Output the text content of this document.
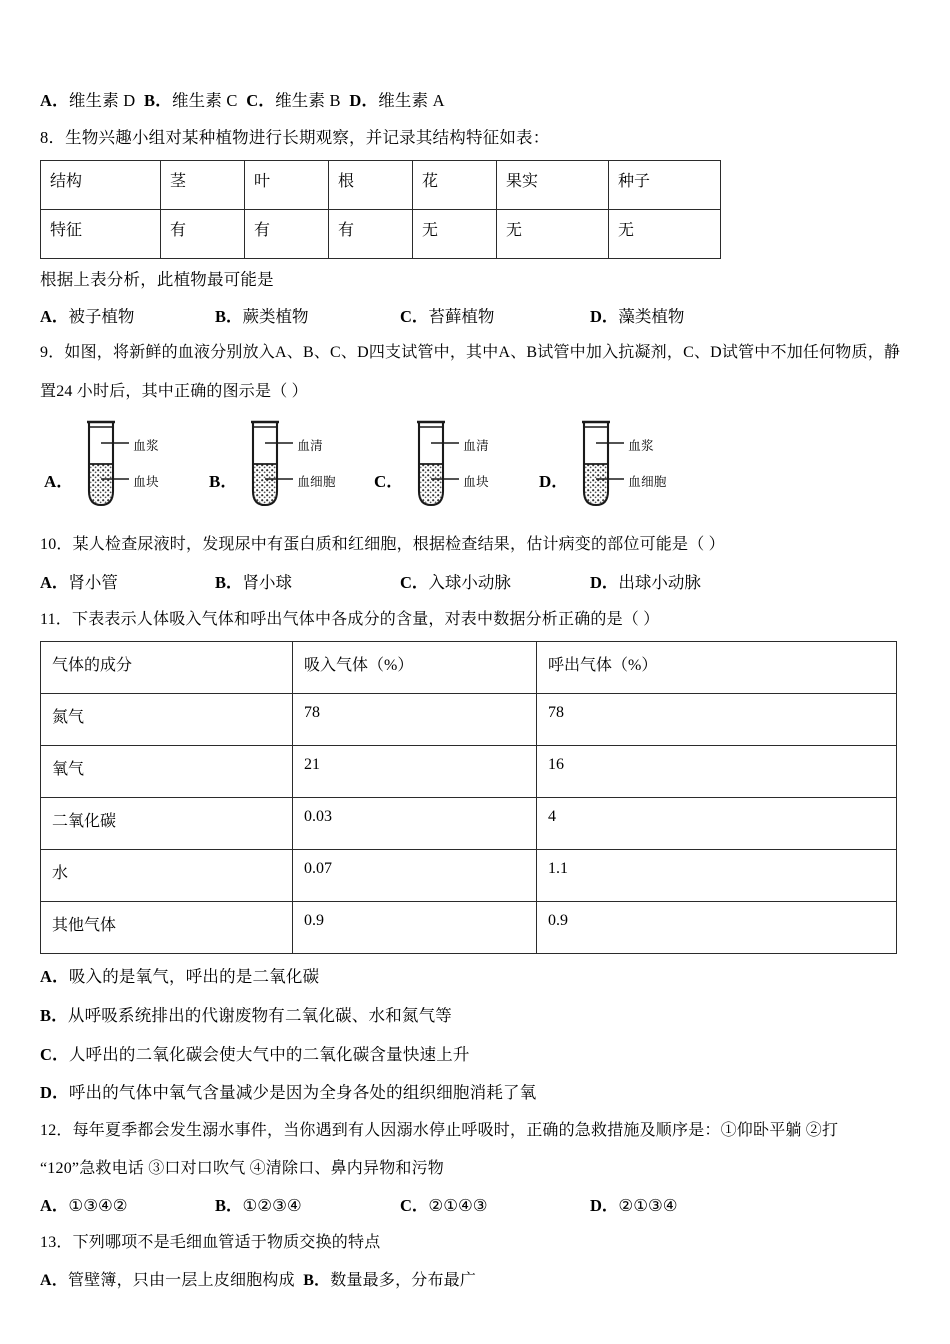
A．维生素 D B．维生素 C C．维生素 B D．维生素 A
8．生物兴趣小组对某种植物进行长期观察，并记录其结构特征如表：
结构	茎	叶	根	花	果实	种子
特征	有	有	有	无	无	无
根据上表分析，此植物最可能是
A．被子植物	B．蕨类植物	C．苔藓植物	D．藻类植物
9．如图，将新鲜的血液分别放入A、B、C、D四支试管中，其中A、B试管中加入抗凝剂，C、D试管中不加任何物质，静
置24 小时后，其中正确的图示是（ ）
A．
血浆
血块	B．
血清
血细胞 C．
血清
血块	D．
血浆
血细胞
10．某人检查尿液时，发现尿中有蛋白质和红细胞，根据检查结果，估计病变的部位可能是（ ）
A．肾小管	B．肾小球	C．入球小动脉	D．出球小动脉
11．下表表示人体吸入气体和呼出气体中各成分的含量，对表中数据分析正确的是（ ）
气体的成分	吸入气体（%）	呼出气体（%）
氮气	78	78
氧气	21	16
二氧化碳	0.03	4
水	0.07	1.1
其他气体	0.9	0.9
A．吸入的是氧气，呼出的是二氧化碳
B．从呼吸系统排出的代谢废物有二氧化碳、水和氮气等
C．人呼出的二氧化碳会使大气中的二氧化碳含量快速上升
D．呼出的气体中氧气含量减少是因为全身各处的组织细胞消耗了氧
12．每年夏季都会发生溺水事件，当你遇到有人因溺水停止呼吸时，正确的急救措施及顺序是：①仰卧平躺 ②打
“120”急救电话 ③口对口吹气 ④清除口、鼻内异物和污物
A．①③④②	B．①②③④	C．②①④③	D．②①③④
13．下列哪项不是毛细血管适于物质交换的特点
A．管壁簿，只由一层上皮细胞构成 B．数量最多，分布最广
